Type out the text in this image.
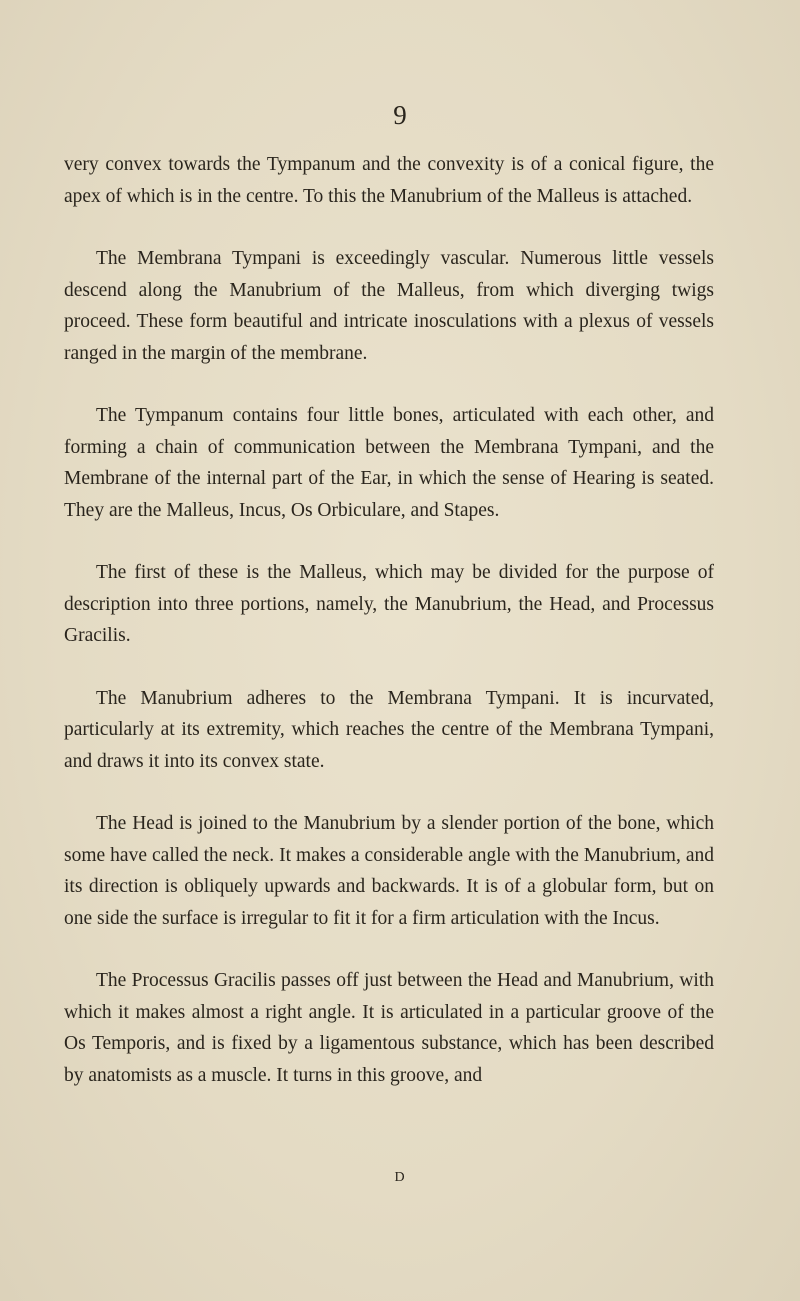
9

very convex towards the Tympanum and the convexity is of a conical figure, the apex of which is in the centre. To this the Manubrium of the Malleus is attached.

The Membrana Tympani is exceedingly vascular. Numerous little vessels descend along the Manubrium of the Malleus, from which diverging twigs proceed. These form beautiful and intricate inosculations with a plexus of vessels ranged in the margin of the membrane.

The Tympanum contains four little bones, articulated with each other, and forming a chain of communication between the Membrana Tympani, and the Membrane of the internal part of the Ear, in which the sense of Hearing is seated. They are the Malleus, Incus, Os Orbiculare, and Stapes.

The first of these is the Malleus, which may be divided for the purpose of description into three portions, namely, the Manubrium, the Head, and Processus Gracilis.

The Manubrium adheres to the Membrana Tympani. It is incurvated, particularly at its extremity, which reaches the centre of the Membrana Tympani, and draws it into its convex state.

The Head is joined to the Manubrium by a slender portion of the bone, which some have called the neck. It makes a considerable angle with the Manubrium, and its direction is obliquely upwards and backwards. It is of a globular form, but on one side the surface is irregular to fit it for a firm articulation with the Incus.

The Processus Gracilis passes off just between the Head and Manubrium, with which it makes almost a right angle. It is articulated in a particular groove of the Os Temporis, and is fixed by a ligamentous substance, which has been described by anatomists as a muscle. It turns in this groove, and

D
